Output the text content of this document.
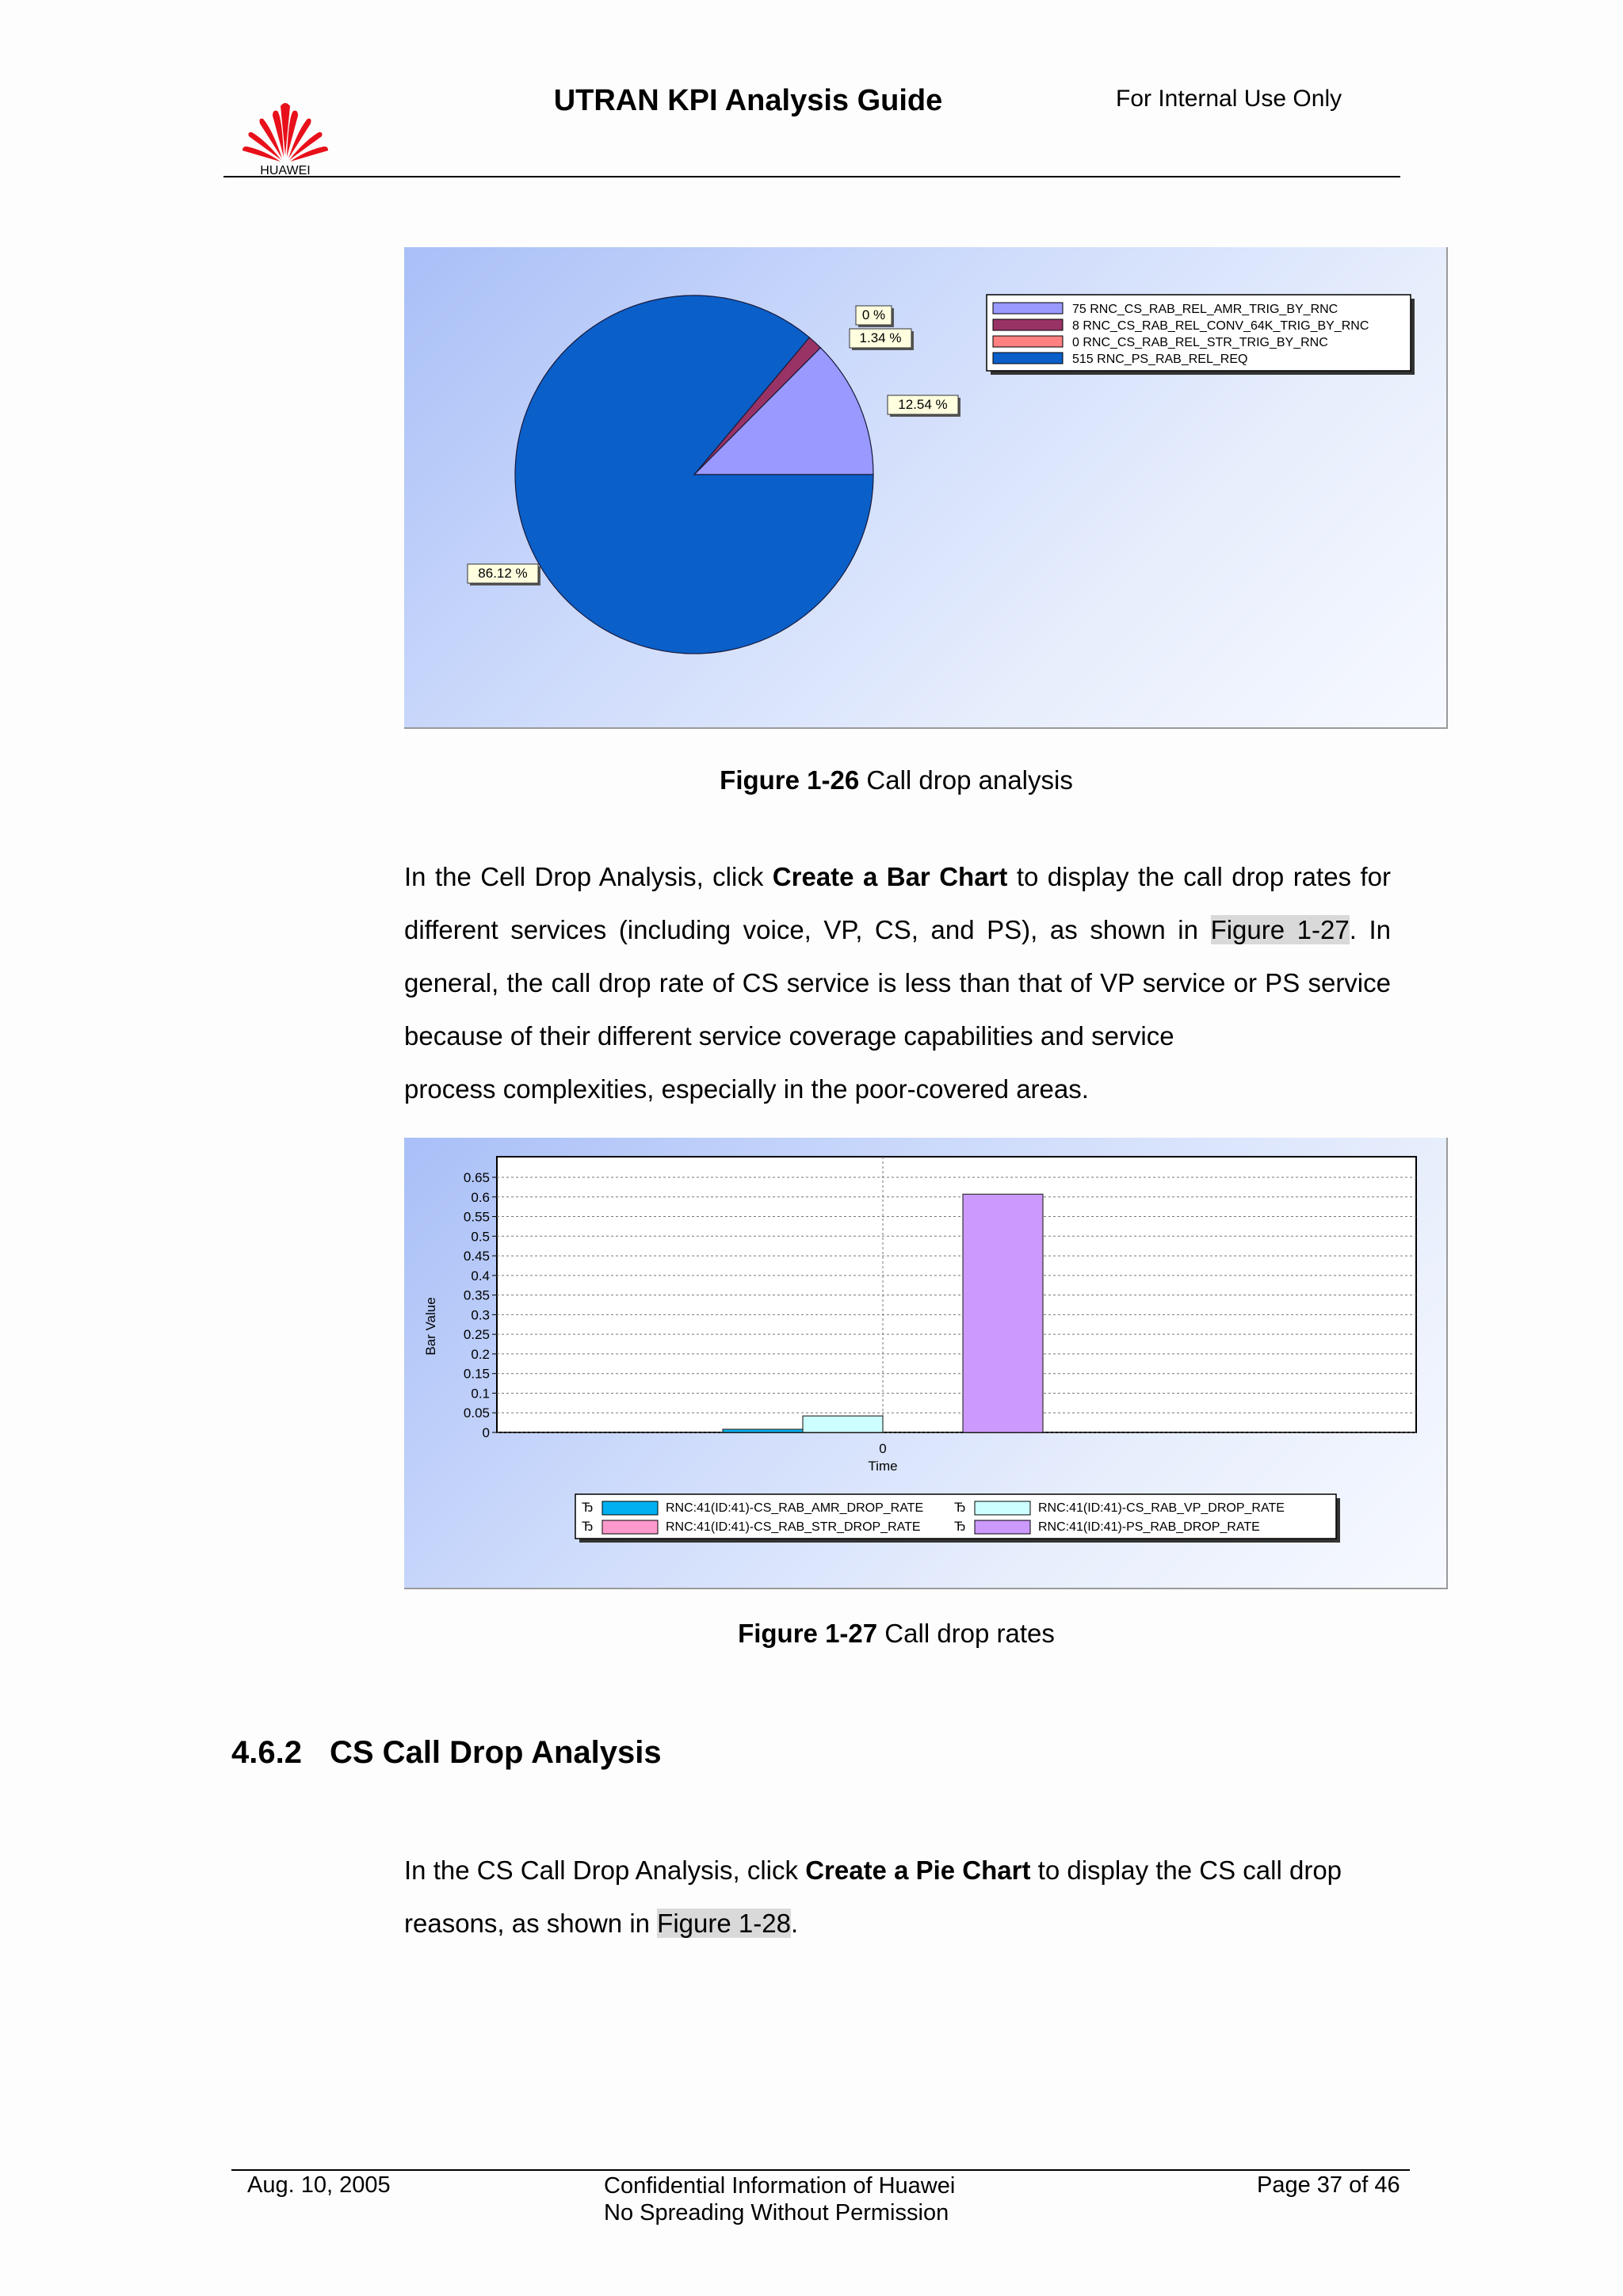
HUAWEI
UTRAN KPI Analysis Guide	For Internal Use Only
12.54 %
1.34 %
0 %
86.12 %
75 RNC_CS_RAB_REL_AMR_TRIG_BY_RNC
8 RNC_CS_RAB_REL_CONV_64K_TRIG_BY_RNC
0 RNC_CS_RAB_REL_STR_TRIG_BY_RNC
515 RNC_PS_RAB_REL_REQ
Figure 1-26 Call drop analysis
In the Cell Drop Analysis, click Create a Bar Chart to display the call drop rates for different services (including voice, VP, CS, and PS), as shown in Figure 1-27. In general, the call drop rate of CS service is less than that of VP service or PS service because of their different service coverage capabilities and service
process complexities, especially in the poor-covered areas.
0.65
0.6
0.55
0.5
0.45
0.4
0.35
0.3
0.25
0.2
0.15
0.1
0.05
0
0
Time
Bar Value
Ђ	RNC:41(ID:41)-CS_RAB_AMR_DROP_RATE Ђ	RNC:41(ID:41)-CS_RAB_VP_DROP_RATE
Ђ	RNC:41(ID:41)-CS_RAB_STR_DROP_RATE Ђ	RNC:41(ID:41)-PS_RAB_DROP_RATE
Figure 1-27 Call drop rates
4.6.2 CS Call Drop Analysis
In the CS Call Drop Analysis, click Create a Pie Chart to display the CS call drop
reasons, as shown in Figure 1-28.
Aug. 10, 2005	Confidential Information of Huawei
No Spreading Without Permission
Page 37 of 46
